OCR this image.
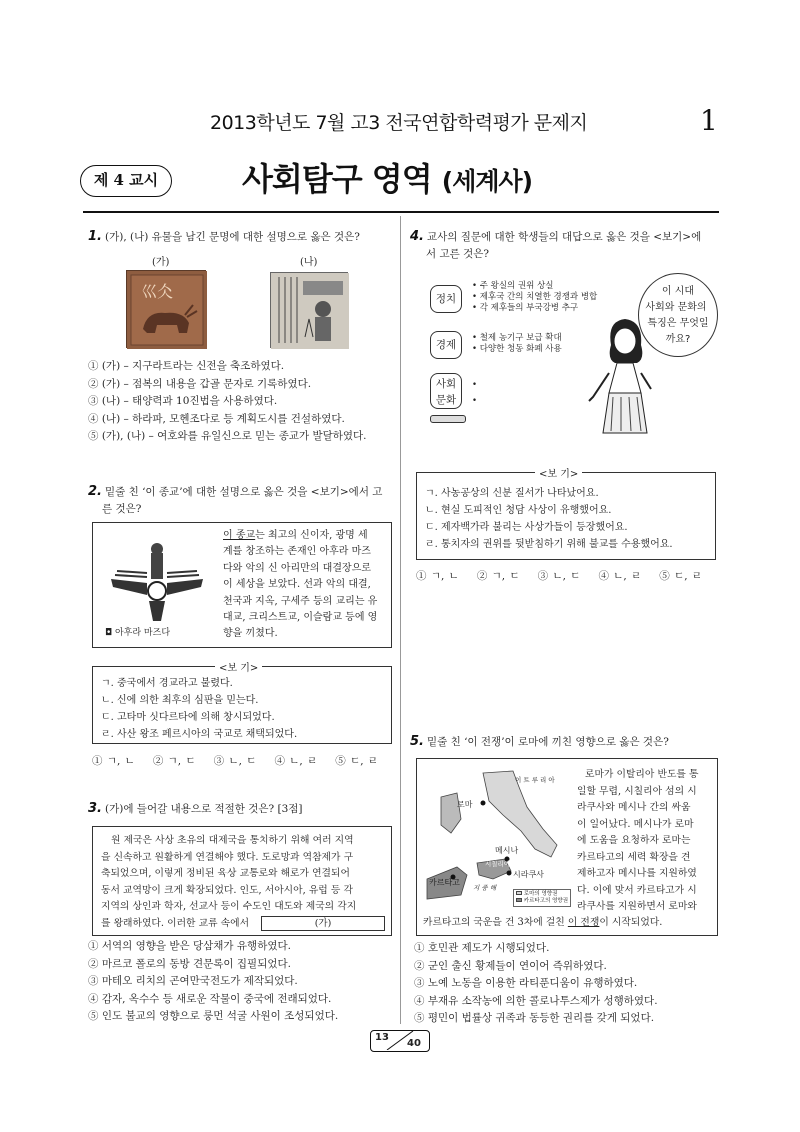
2013학년도 7월 고3 전국연합학력평가 문제지	1
제 4 교시	사회탐구 영역 (세계사)
1. (가), (나) 유물을 남긴 문명에 대한 설명으로 옳은 것은?
(가)	(나)
巛仌
① (가) – 지구라트라는 신전을 축조하였다.
② (가) – 점복의 내용을 갑골 문자로 기록하였다.
③ (나) – 태양력과 10진법을 사용하였다.
④ (나) – 하라파, 모헨조다로 등 계획도시를 건설하였다.
⑤ (가), (나) – 여호와를 유일신으로 믿는 종교가 발달하였다.
2. 밑줄 친 ‘이 종교’에 대한 설명으로 옳은 것을 <보기>에서 고
른 것은?
◘ 아후라 마즈다
이 종교는 최고의 신이자, 광명 세
계를 창조하는 존재인 아후라 마즈
다와 악의 신 아리만의 대결장으로
이 세상을 보았다. 선과 악의 대결,
천국과 지옥, 구세주 등의 교리는 유
대교, 크리스트교, 이슬람교 등에 영
향을 끼쳤다.
<보 기>
ㄱ. 중국에서 경교라고 불렸다.
ㄴ. 신에 의한 최후의 심판을 믿는다.
ㄷ. 고타마 싯다르타에 의해 창시되었다.
ㄹ. 사산 왕조 페르시아의 국교로 채택되었다.
① ㄱ, ㄴ ② ㄱ, ㄷ ③ ㄴ, ㄷ ④ ㄴ, ㄹ ⑤ ㄷ, ㄹ
3. (가)에 들어갈 내용으로 적절한 것은? [3점]
원 제국은 사상 초유의 대제국을 통치하기 위해 여러 지역
을 신속하고 원활하게 연결해야 했다. 도로망과 역참제가 구
축되었으며, 이렇게 정비된 육상 교통로와 해로가 연결되어
동서 교역망이 크게 확장되었다. 인도, 서아시아, 유럽 등 각
지역의 상인과 학자, 선교사 등이 수도인 대도와 제국의 각지
를 왕래하였다. 이러한 교류 속에서	(가)
① 서역의 영향을 받은 당삼채가 유행하였다.
② 마르코 폴로의 동방 견문록이 집필되었다.
③ 마테오 리치의 곤여만국전도가 제작되었다.
④ 감자, 옥수수 등 새로운 작물이 중국에 전래되었다.
⑤ 인도 불교의 영향으로 룽먼 석굴 사원이 조성되었다.
4. 교사의 질문에 대한 학생들의 대답으로 옳은 것을 <보기>에
서 고른 것은?
정치
• 주 왕실의 권위 상실
• 제후국 간의 치열한 경쟁과 병합
• 각 제후들의 부국강병 추구
경제
• 철제 농기구 보급 확대
• 다양한 청동 화폐 사용
사회
문화
•
•
이 시대
사회와 문화의
특징은 무엇일
까요?
<보 기>
ㄱ. 사농공상의 신분 질서가 나타났어요.
ㄴ. 현실 도피적인 청담 사상이 유행했어요.
ㄷ. 제자백가라 불리는 사상가들이 등장했어요.
ㄹ. 통치자의 권위를 뒷받침하기 위해 불교를 수용했어요.
① ㄱ, ㄴ ② ㄱ, ㄷ ③ ㄴ, ㄷ ④ ㄴ, ㄹ ⑤ ㄷ, ㄹ
5. 밑줄 친 ‘이 전쟁’이 로마에 끼친 영향으로 옳은 것은?
이 트 루 리 아
로마
메시나
시칠리아
시라쿠사
카르타고
지 중 해
로마의 영향권
카르타고의 영향권
로마가 이탈리아 반도를 통
일할 무렵, 시칠리아 섬의 시
라쿠사와 메시나 간의 싸움
이 일어났다. 메시나가 로마
에 도움을 요청하자 로마는
카르타고의 세력 확장을 견
제하고자 메시나를 지원하였
다. 이에 맞서 카르타고가 시
라쿠사를 지원하면서 로마와
카르타고의 국운을 건 3차에 걸친 이 전쟁이 시작되었다.
① 호민관 제도가 시행되었다.
② 군인 출신 황제들이 연이어 즉위하였다.
③ 노예 노동을 이용한 라티푼디움이 유행하였다.
④ 부재유 소작농에 의한 콜로나투스제가 성행하였다.
⑤ 평민이 법률상 귀족과 동등한 권리를 갖게 되었다.
13
40
